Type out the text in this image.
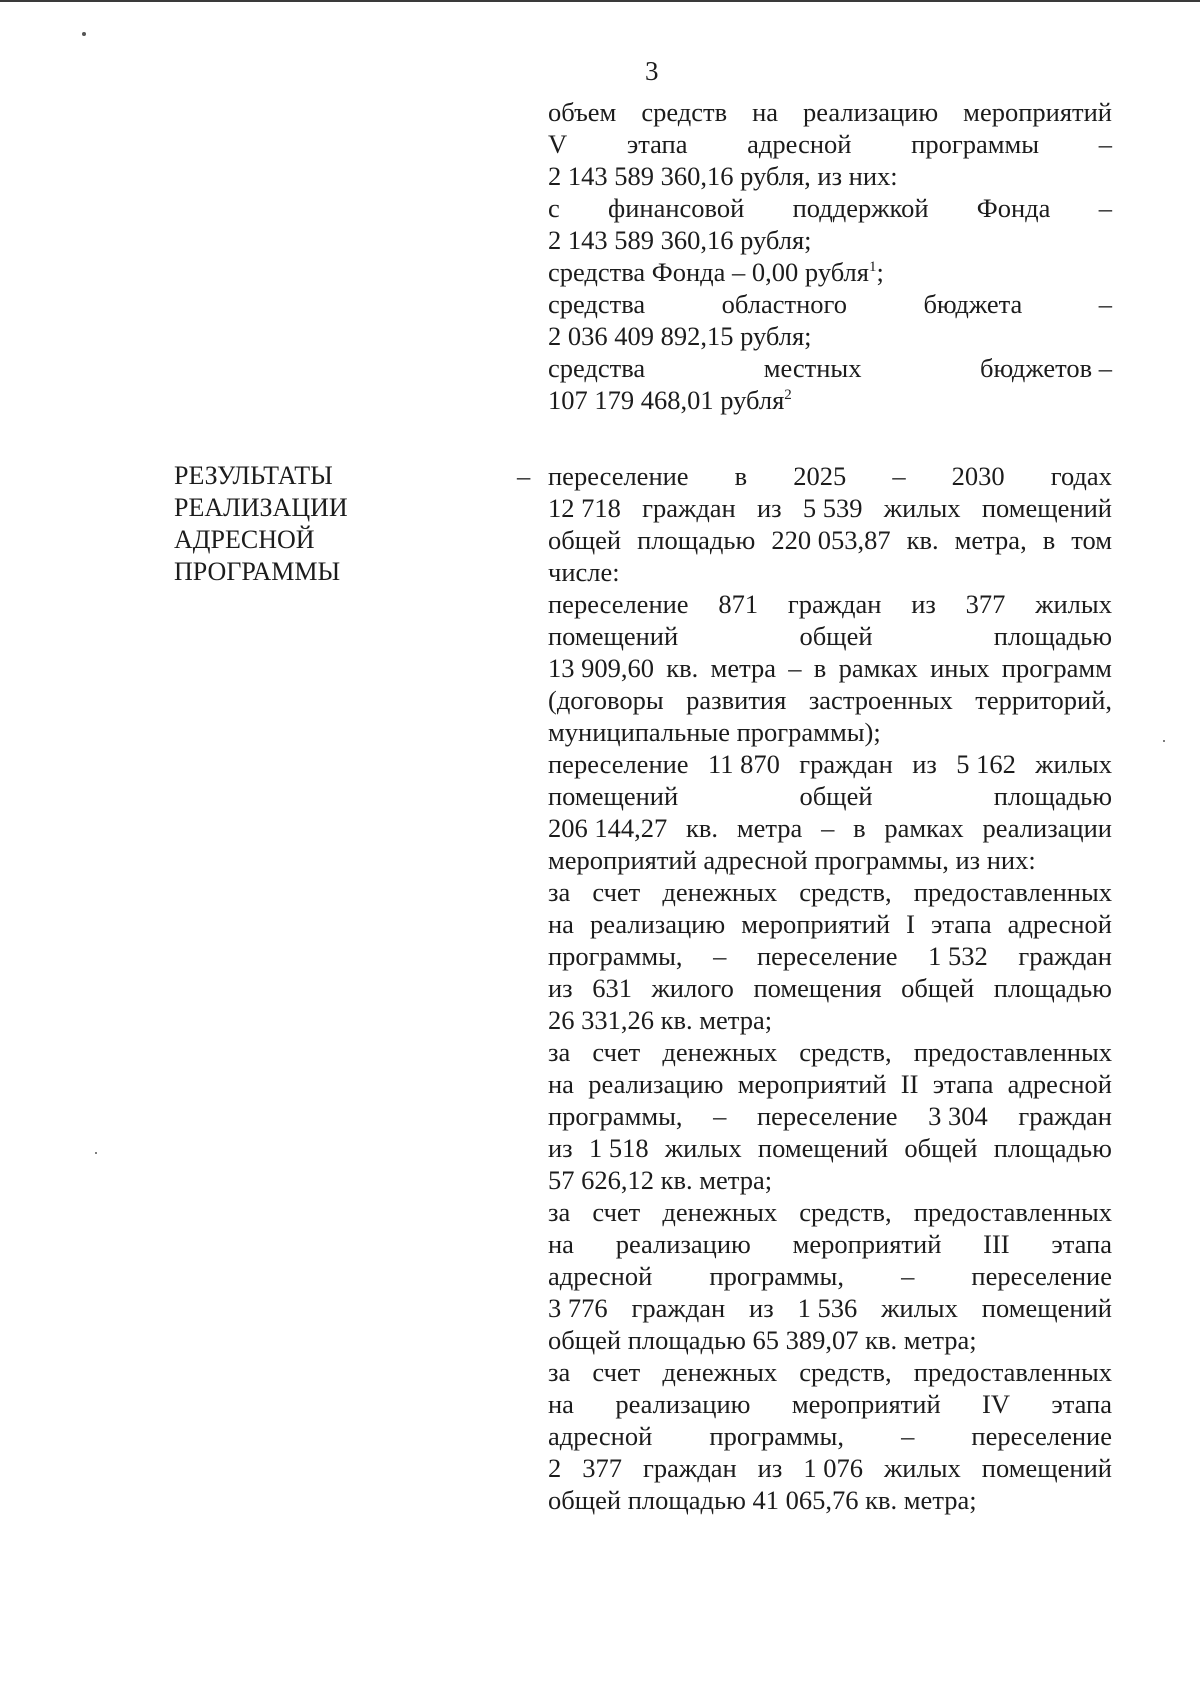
3
объем средств на реализацию мероприятий
V этапа адресной программы –
2 143 589 360,16 рубля, из них:
с финансовой поддержкой Фонда –
2 143 589 360,16 рубля;
средства Фонда – 0,00 рубля$^1$;
средства	областного	бюджета	–
2 036 409 892,15 рубля;
средства	местных	бюджетов –
107 179 468,01 рубля$^2$
РЕЗУЛЬТАТЫ
РЕАЛИЗАЦИИ
АДРЕСНОЙ
ПРОГРАММЫ
– переселение в 2025 – 2030 годах
12 718 граждан из 5 539 жилых помещений
общей площадью 220 053,87 кв. метра, в том
числе:
переселение 871 граждан из 377 жилых
помещений	общей	площадью
13 909,60 кв. метра – в рамках иных программ
(договоры развития застроенных территорий,
муниципальные программы);
переселение 11 870 граждан из 5 162 жилых
помещений	общей	площадью
206 144,27 кв. метра – в рамках реализации
мероприятий адресной программы, из них:
за счет денежных средств, предоставленных
на реализацию мероприятий I этапа адресной
программы, – переселение 1 532 граждан
из 631 жилого помещения общей площадью
26 331,26 кв. метра;
за счет денежных средств, предоставленных
на реализацию мероприятий II этапа адресной
программы, – переселение 3 304 граждан
из 1 518 жилых помещений общей площадью
57 626,12 кв. метра;
за счет денежных средств, предоставленных
на реализацию мероприятий III этапа
адресной программы, – переселение
3 776 граждан из 1 536 жилых помещений
общей площадью 65 389,07 кв. метра;
за счет денежных средств, предоставленных
на реализацию мероприятий IV этапа
адресной программы, – переселение
2 377 граждан из 1 076 жилых помещений
общей площадью 41 065,76 кв. метра;
